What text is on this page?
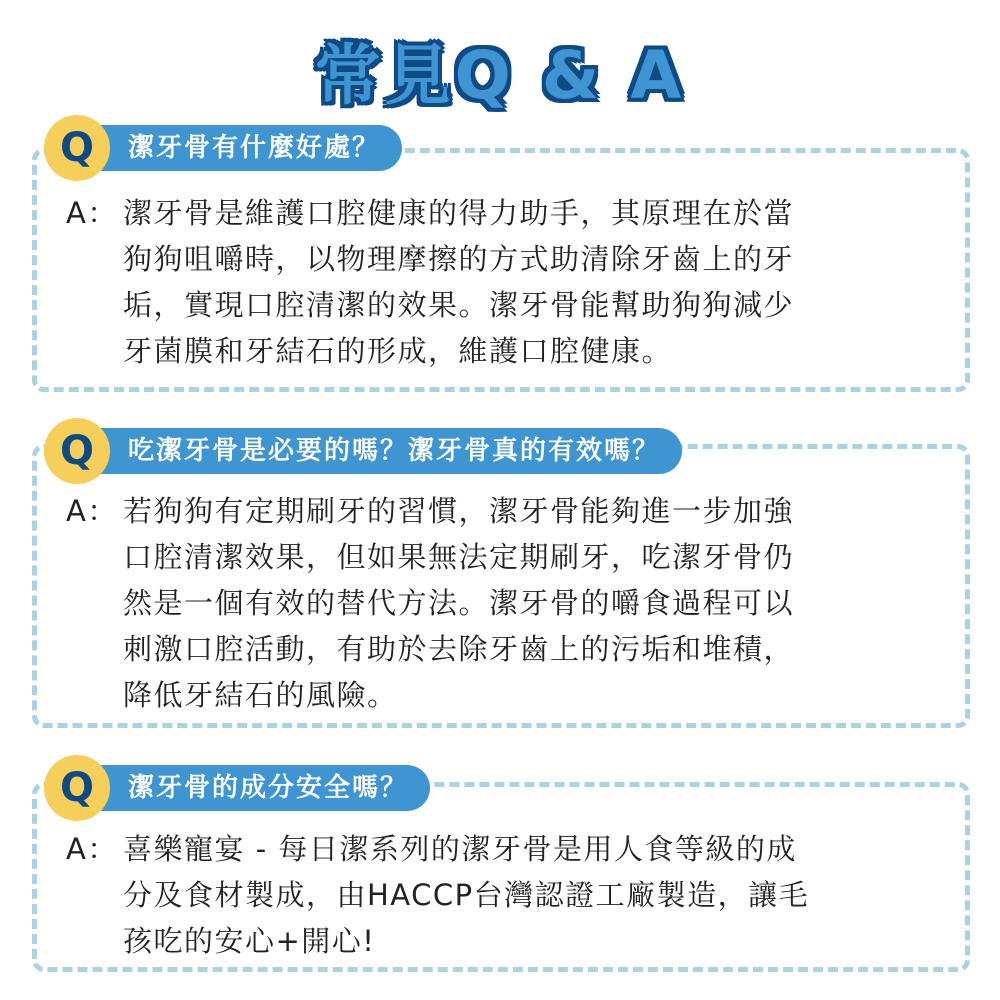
常見Q & A
潔牙骨有什麼好處？
Q
A： 潔牙骨是維護口腔健康的得力助手，其原理在於當
狗狗咀嚼時，以物理摩擦的方式助清除牙齒上的牙
垢，實現口腔清潔的效果。潔牙骨能幫助狗狗減少
牙菌膜和牙結石的形成，維護口腔健康。
吃潔牙骨是必要的嗎？潔牙骨真的有效嗎？
Q
A： 若狗狗有定期刷牙的習慣，潔牙骨能夠進一步加強
口腔清潔效果，但如果無法定期刷牙，吃潔牙骨仍
然是一個有效的替代方法。潔牙骨的嚼食過程可以
刺激口腔活動，有助於去除牙齒上的污垢和堆積，
降低牙結石的風險。
潔牙骨的成分安全嗎？
Q
A： 喜樂寵宴 - 每日潔系列的潔牙骨是用人食等級的成
分及食材製成，由HACCP台灣認證工廠製造，讓毛
孩吃的安心+開心!
